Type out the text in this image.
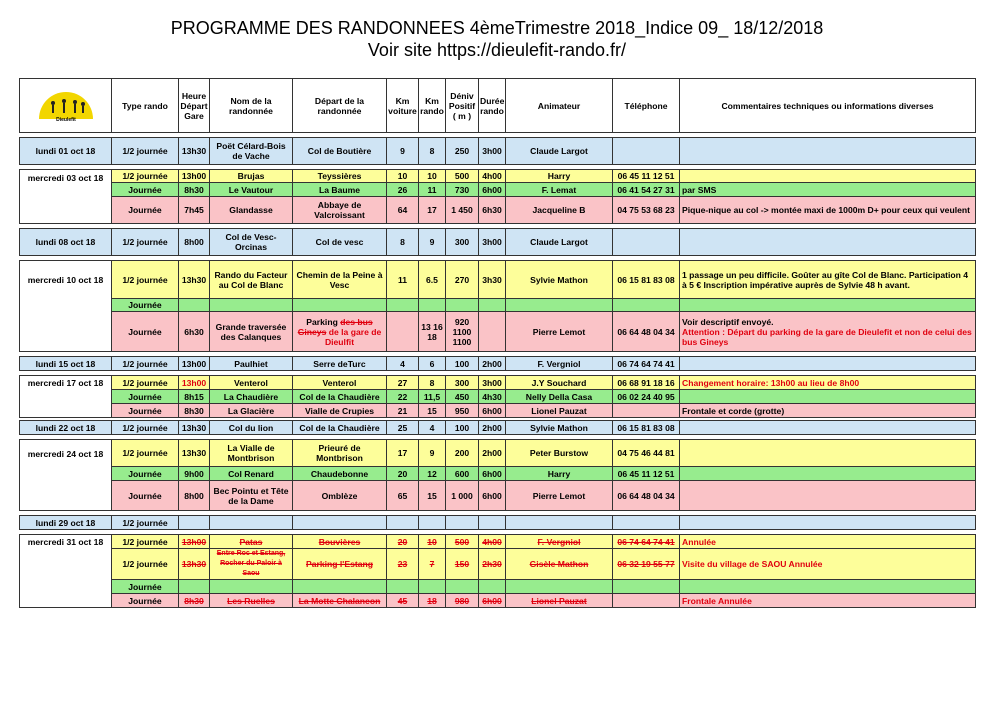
PROGRAMME DES RANDONNEES 4èmeTrimestre 2018_Indice 09_ 18/12/2018
Voir site https://dieulefit-rando.fr/
Dieulefit	Type rando	Heure Départ Gare	Nom de la randonnée	Départ de la randonnée	Km voiture	Km rando	Déniv Positif ( m )	Durée rando	Animateur	Téléphone	Commentaires techniques ou informations diverses

lundi 01 oct 18	1/2 journée	13h30	Poët Célard-Bois de Vache	Col de Boutière	9	8	250	3h00	Claude Largot		

mercredi 03 oct 18	1/2 journée	13h00	Brujas	Teyssières	10	10	500	4h00	Harry	06 45 11 12 51	
	Journée	8h30	Le Vautour	La Baume	26	11	730	6h00	F. Lemat	06 41 54 27 31	par SMS
	Journée	7h45	Glandasse	Abbaye de Valcroissant	64	17	1 450	6h30	Jacqueline B	04 75 53 68 23	Pique-nique au col -> montée maxi de 1000m D+ pour ceux qui veulent

lundi 08 oct 18	1/2 journée	8h00	Col de Vesc-Orcinas	Col de vesc	8	9	300	3h00	Claude Largot		

mercredi 10 oct 18	1/2 journée	13h30	Rando du Facteur au Col de Blanc	Chemin de la Peine à Vesc	11	6.5	270	3h30	Sylvie Mathon	06 15 81 83 08	1 passage un peu difficile. Goûter au gîte Col de Blanc. Participation 4 à 5 € Inscription impérative auprès de Sylvie 48 h avant.
	Journée										
	Journée	6h30	Grande traversée des Calanques	Parking des bus Gineys de la gare de Dieulfit		13 16 18	920 1100 1100		Pierre Lemot	06 64 48 04 34	Voir descriptif envoyé.
Attention : Départ du parking de la gare de Dieulefit et non de celui des bus Gineys

lundi 15 oct 18	1/2 journée	13h00	Paulhiet	Serre deTurc	4	6	100	2h00	F. Vergniol	06 74 64 74 41	

mercredi 17 oct 18	1/2 journée	13h00	Venterol	Venterol	27	8	300	3h00	J.Y Souchard	06 68 91 18 16	Changement horaire: 13h00 au lieu de 8h00
	Journée	8h15	La Chaudière	Col de la Chaudière	22	11,5	450	4h30	Nelly Della Casa	06 02 24 40 95	
	Journée	8h30	La Glacière	Vialle de Crupies	21	15	950	6h00	Lionel Pauzat		Frontale et corde (grotte)

lundi 22 oct 18	1/2 journée	13h30	Col du lion	Col de la Chaudière	25	4	100	2h00	Sylvie Mathon	06 15 81 83 08	

mercredi 24 oct 18	1/2 journée	13h30	La Vialle de Montbrison	Prieuré de Montbrison	17	9	200	2h00	Peter Burstow	04 75 46 44 81	
	Journée	9h00	Col Renard	Chaudebonne	20	12	600	6h00	Harry	06 45 11 12 51	
	Journée	8h00	Bec Pointu et Tête de la Dame	Omblèze	65	15	1 000	6h00	Pierre Lemot	06 64 48 04 34	

lundi 29 oct 18	1/2 journée										

mercredi 31 oct 18	1/2 journée	13h00	Patas	Bouvières	20	10	500	4h00	F. Vergniol	06 74 64 74 41	Annulée
	1/2 journée	13h30	Entre Roc et Estang, Rocher du Paloir à Saou	Parking l'Estang	23	7	150	2h30	Gisèle Mathon	06 32 19 55 77	Visite du village de SAOU Annulée
	Journée										
	Journée	8h30	Les Ruelles	La Motte Chalancon	45	18	980	6h00	Lionel Pauzat		Frontale Annulée
